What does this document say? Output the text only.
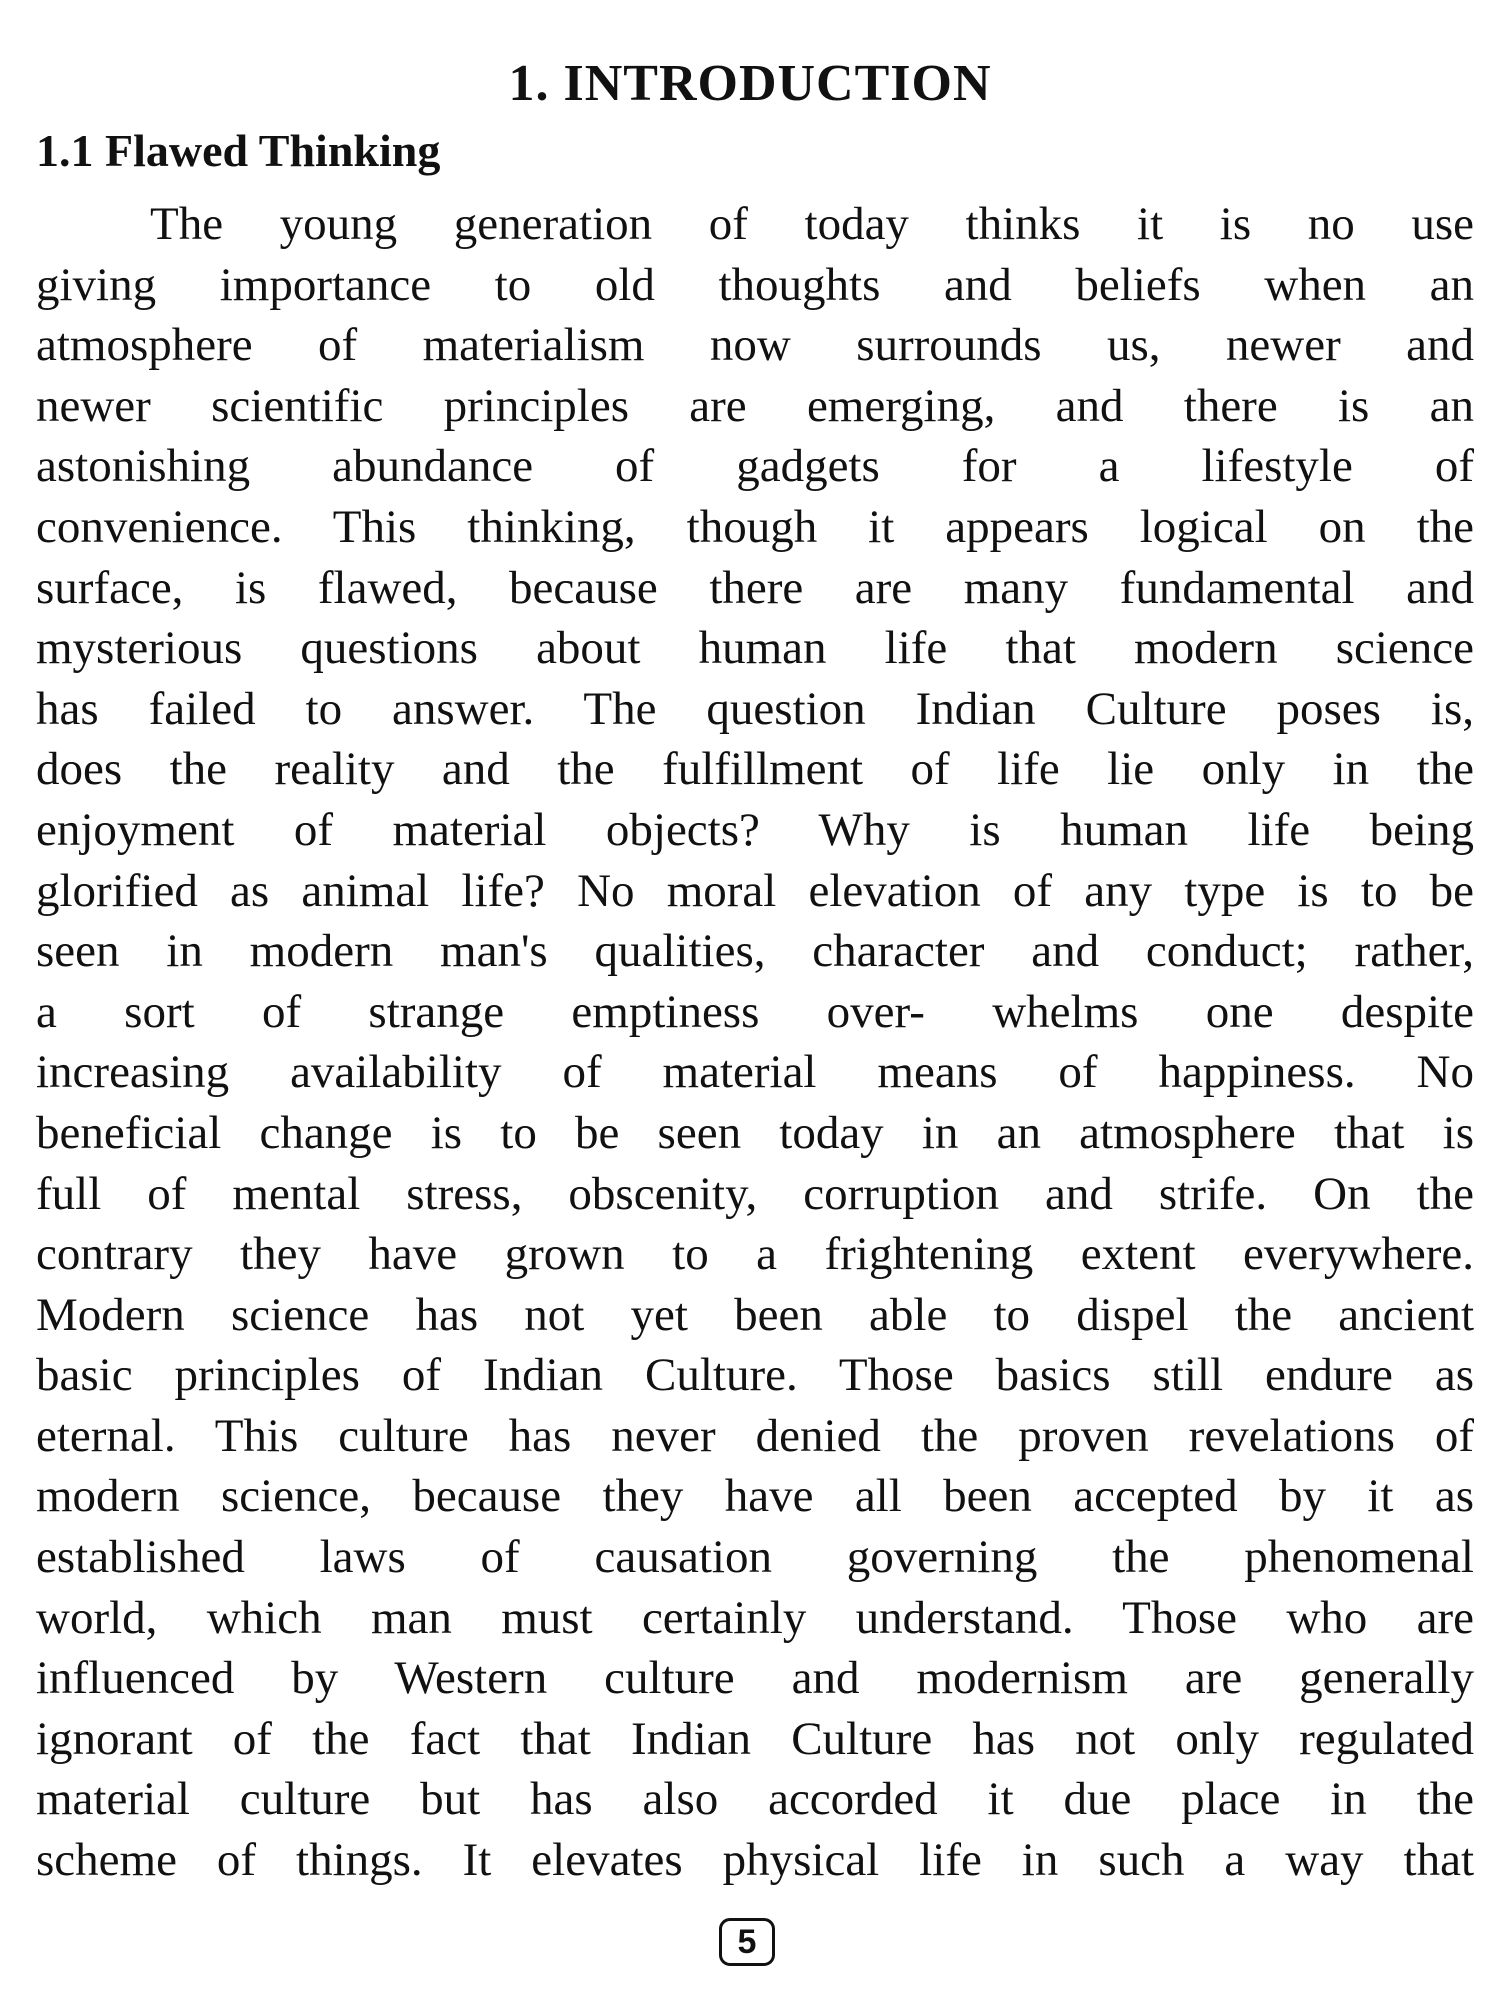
1. INTRODUCTION
1.1 Flawed Thinking
The young generation of today thinks it is no use
giving importance to old thoughts and beliefs when an
atmosphere of materialism now surrounds us, newer and
newer scientific principles are emerging, and there is an
astonishing abundance of gadgets for a lifestyle of
convenience. This thinking, though it appears logical on the
surface, is flawed, because there are many fundamental and
mysterious questions about human life that modern science
has failed to answer. The question Indian Culture poses is,
does the reality and the fulfillment of life lie only in the
enjoyment of material objects? Why is human life being
glorified as animal life? No moral elevation of any type is to be
seen in modern man's qualities, character and conduct; rather,
a sort of strange emptiness over- whelms one despite
increasing availability of material means of happiness. No
beneficial change is to be seen today in an atmosphere that is
full of mental stress, obscenity, corruption and strife. On the
contrary they have grown to a frightening extent everywhere.
Modern science has not yet been able to dispel the ancient
basic principles of Indian Culture. Those basics still endure as
eternal. This culture has never denied the proven revelations of
modern science, because they have all been accepted by it as
established laws of causation governing the phenomenal
world, which man must certainly understand. Those who are
influenced by Western culture and modernism are generally
ignorant of the fact that Indian Culture has not only regulated
material culture but has also accorded it due place in the
scheme of things. It elevates physical life in such a way that
5
